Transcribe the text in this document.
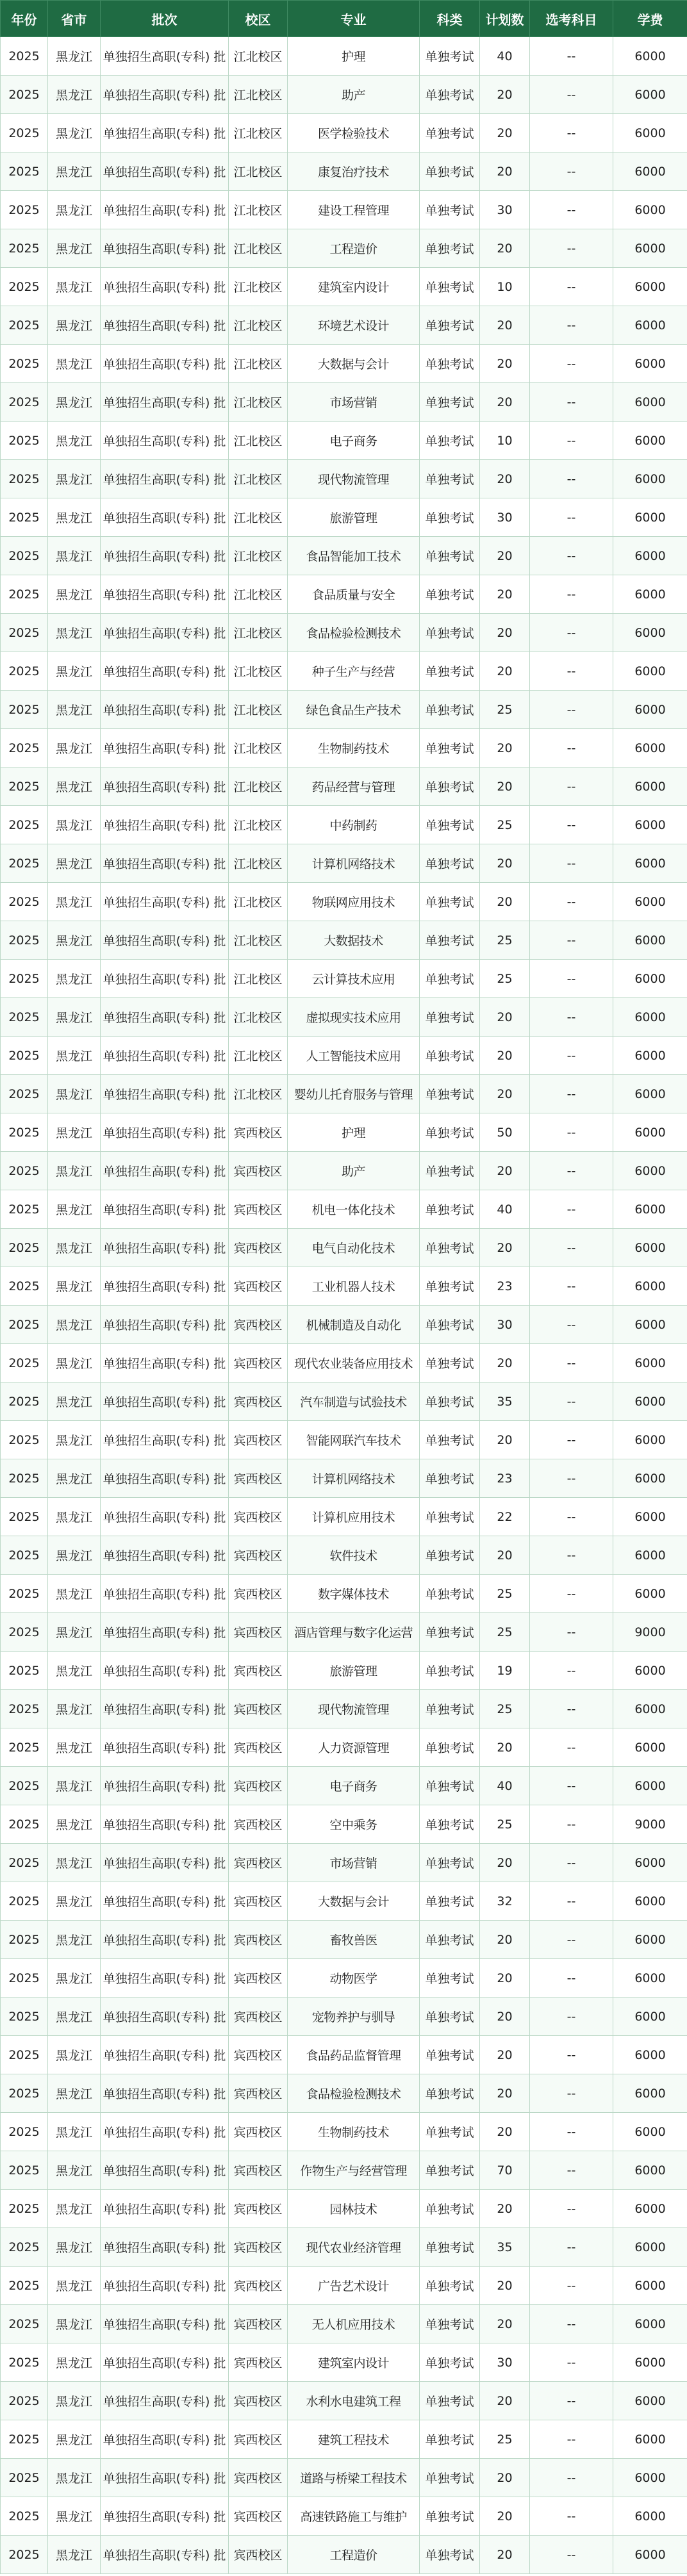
年份	省市	批次	校区	专业	科类	计划数	选考科目	学费
2025	黑龙江	单独招生高职(专科) 批	江北校区	护理	单独考试	40	--	6000
2025	黑龙江	单独招生高职(专科) 批	江北校区	助产	单独考试	20	--	6000
2025	黑龙江	单独招生高职(专科) 批	江北校区	医学检验技术	单独考试	20	--	6000
2025	黑龙江	单独招生高职(专科) 批	江北校区	康复治疗技术	单独考试	20	--	6000
2025	黑龙江	单独招生高职(专科) 批	江北校区	建设工程管理	单独考试	30	--	6000
2025	黑龙江	单独招生高职(专科) 批	江北校区	工程造价	单独考试	20	--	6000
2025	黑龙江	单独招生高职(专科) 批	江北校区	建筑室内设计	单独考试	10	--	6000
2025	黑龙江	单独招生高职(专科) 批	江北校区	环境艺术设计	单独考试	20	--	6000
2025	黑龙江	单独招生高职(专科) 批	江北校区	大数据与会计	单独考试	20	--	6000
2025	黑龙江	单独招生高职(专科) 批	江北校区	市场营销	单独考试	20	--	6000
2025	黑龙江	单独招生高职(专科) 批	江北校区	电子商务	单独考试	10	--	6000
2025	黑龙江	单独招生高职(专科) 批	江北校区	现代物流管理	单独考试	20	--	6000
2025	黑龙江	单独招生高职(专科) 批	江北校区	旅游管理	单独考试	30	--	6000
2025	黑龙江	单独招生高职(专科) 批	江北校区	食品智能加工技术	单独考试	20	--	6000
2025	黑龙江	单独招生高职(专科) 批	江北校区	食品质量与安全	单独考试	20	--	6000
2025	黑龙江	单独招生高职(专科) 批	江北校区	食品检验检测技术	单独考试	20	--	6000
2025	黑龙江	单独招生高职(专科) 批	江北校区	种子生产与经营	单独考试	20	--	6000
2025	黑龙江	单独招生高职(专科) 批	江北校区	绿色食品生产技术	单独考试	25	--	6000
2025	黑龙江	单独招生高职(专科) 批	江北校区	生物制药技术	单独考试	20	--	6000
2025	黑龙江	单独招生高职(专科) 批	江北校区	药品经营与管理	单独考试	20	--	6000
2025	黑龙江	单独招生高职(专科) 批	江北校区	中药制药	单独考试	25	--	6000
2025	黑龙江	单独招生高职(专科) 批	江北校区	计算机网络技术	单独考试	20	--	6000
2025	黑龙江	单独招生高职(专科) 批	江北校区	物联网应用技术	单独考试	20	--	6000
2025	黑龙江	单独招生高职(专科) 批	江北校区	大数据技术	单独考试	25	--	6000
2025	黑龙江	单独招生高职(专科) 批	江北校区	云计算技术应用	单独考试	25	--	6000
2025	黑龙江	单独招生高职(专科) 批	江北校区	虚拟现实技术应用	单独考试	20	--	6000
2025	黑龙江	单独招生高职(专科) 批	江北校区	人工智能技术应用	单独考试	20	--	6000
2025	黑龙江	单独招生高职(专科) 批	江北校区	婴幼儿托育服务与管理	单独考试	20	--	6000
2025	黑龙江	单独招生高职(专科) 批	宾西校区	护理	单独考试	50	--	6000
2025	黑龙江	单独招生高职(专科) 批	宾西校区	助产	单独考试	20	--	6000
2025	黑龙江	单独招生高职(专科) 批	宾西校区	机电一体化技术	单独考试	40	--	6000
2025	黑龙江	单独招生高职(专科) 批	宾西校区	电气自动化技术	单独考试	20	--	6000
2025	黑龙江	单独招生高职(专科) 批	宾西校区	工业机器人技术	单独考试	23	--	6000
2025	黑龙江	单独招生高职(专科) 批	宾西校区	机械制造及自动化	单独考试	30	--	6000
2025	黑龙江	单独招生高职(专科) 批	宾西校区	现代农业装备应用技术	单独考试	20	--	6000
2025	黑龙江	单独招生高职(专科) 批	宾西校区	汽车制造与试验技术	单独考试	35	--	6000
2025	黑龙江	单独招生高职(专科) 批	宾西校区	智能网联汽车技术	单独考试	20	--	6000
2025	黑龙江	单独招生高职(专科) 批	宾西校区	计算机网络技术	单独考试	23	--	6000
2025	黑龙江	单独招生高职(专科) 批	宾西校区	计算机应用技术	单独考试	22	--	6000
2025	黑龙江	单独招生高职(专科) 批	宾西校区	软件技术	单独考试	20	--	6000
2025	黑龙江	单独招生高职(专科) 批	宾西校区	数字媒体技术	单独考试	25	--	6000
2025	黑龙江	单独招生高职(专科) 批	宾西校区	酒店管理与数字化运营	单独考试	25	--	9000
2025	黑龙江	单独招生高职(专科) 批	宾西校区	旅游管理	单独考试	19	--	6000
2025	黑龙江	单独招生高职(专科) 批	宾西校区	现代物流管理	单独考试	25	--	6000
2025	黑龙江	单独招生高职(专科) 批	宾西校区	人力资源管理	单独考试	20	--	6000
2025	黑龙江	单独招生高职(专科) 批	宾西校区	电子商务	单独考试	40	--	6000
2025	黑龙江	单独招生高职(专科) 批	宾西校区	空中乘务	单独考试	25	--	9000
2025	黑龙江	单独招生高职(专科) 批	宾西校区	市场营销	单独考试	20	--	6000
2025	黑龙江	单独招生高职(专科) 批	宾西校区	大数据与会计	单独考试	32	--	6000
2025	黑龙江	单独招生高职(专科) 批	宾西校区	畜牧兽医	单独考试	20	--	6000
2025	黑龙江	单独招生高职(专科) 批	宾西校区	动物医学	单独考试	20	--	6000
2025	黑龙江	单独招生高职(专科) 批	宾西校区	宠物养护与驯导	单独考试	20	--	6000
2025	黑龙江	单独招生高职(专科) 批	宾西校区	食品药品监督管理	单独考试	20	--	6000
2025	黑龙江	单独招生高职(专科) 批	宾西校区	食品检验检测技术	单独考试	20	--	6000
2025	黑龙江	单独招生高职(专科) 批	宾西校区	生物制药技术	单独考试	20	--	6000
2025	黑龙江	单独招生高职(专科) 批	宾西校区	作物生产与经营管理	单独考试	70	--	6000
2025	黑龙江	单独招生高职(专科) 批	宾西校区	园林技术	单独考试	20	--	6000
2025	黑龙江	单独招生高职(专科) 批	宾西校区	现代农业经济管理	单独考试	35	--	6000
2025	黑龙江	单独招生高职(专科) 批	宾西校区	广告艺术设计	单独考试	20	--	6000
2025	黑龙江	单独招生高职(专科) 批	宾西校区	无人机应用技术	单独考试	20	--	6000
2025	黑龙江	单独招生高职(专科) 批	宾西校区	建筑室内设计	单独考试	30	--	6000
2025	黑龙江	单独招生高职(专科) 批	宾西校区	水利水电建筑工程	单独考试	20	--	6000
2025	黑龙江	单独招生高职(专科) 批	宾西校区	建筑工程技术	单独考试	25	--	6000
2025	黑龙江	单独招生高职(专科) 批	宾西校区	道路与桥梁工程技术	单独考试	20	--	6000
2025	黑龙江	单独招生高职(专科) 批	宾西校区	高速铁路施工与维护	单独考试	20	--	6000
2025	黑龙江	单独招生高职(专科) 批	宾西校区	工程造价	单独考试	20	--	6000
